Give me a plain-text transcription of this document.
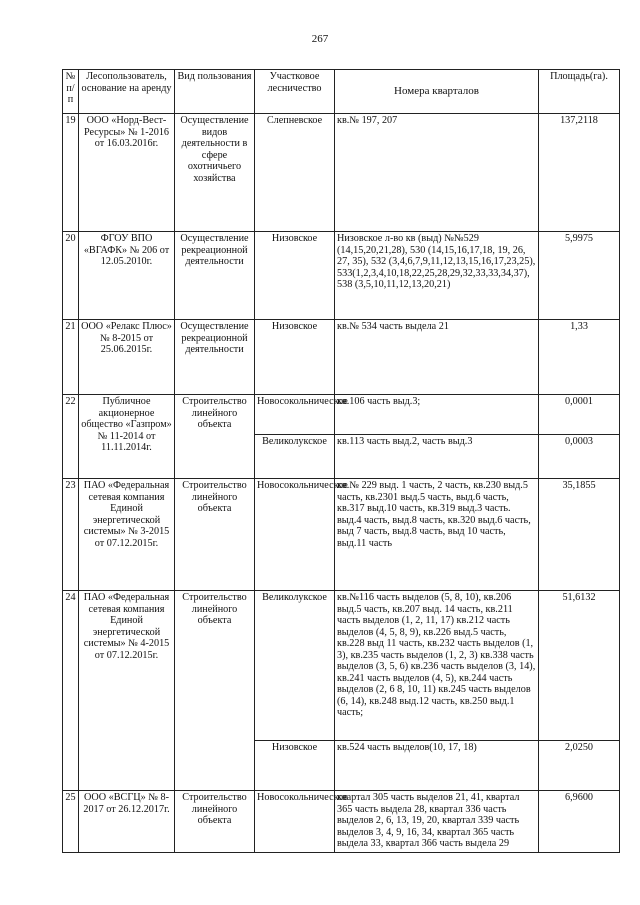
267
№ п/п	Лесопользователь, основание на аренду	Вид пользования	Участковое лесничество	Номера кварталов	Площадь(га).
19	ООО «Норд-Вест-Ресурсы» № 1-2016 от 16.03.2016г.	Осуществление видов деятельности в сфере охотничьего хозяйства	Слепневское	кв.№ 197, 207	137,2118
20	ФГОУ ВПО «ВГАФК» № 206 от 12.05.2010г.	Осуществление рекреационной деятельности	Низовское	Низовское л-во кв (выд) №№529 (14,15,20,21,28), 530 (14,15,16,17,18, 19, 26, 27, 35), 532 (3,4,6,7,9,11,12,13,15,16,17,23,25), 533(1,2,3,4,10,18,22,25,28,29,32,33,33,34,37), 538 (3,5,10,11,12,13,20,21)	5,9975
21	ООО «Релакс Плюс» № 8-2015 от 25.06.2015г.	Осуществление рекреационной деятельности	Низовское	кв.№ 534 часть выдела 21	1,33
22	Публичное акционерное общество «Газпром» № 11-2014 от 11.11.2014г.	Строительство линейного объекта	Новосокольническое	кв.106 часть выд.3;	0,0001
			Великолукское	кв.113 часть выд.2, часть выд.3	0,0003
23	ПАО «Федеральная сетевая компания Единой энергетической системы» № 3-2015 от 07.12.2015г.	Строительство линейного объекта	Новосокольническое	кв.№ 229 выд. 1 часть, 2 часть, кв.230 выд.5 часть, кв.2301 выд.5 часть, выд.6 часть, кв.317 выд.10 часть, кв.319 выд.3 часть. выд.4 часть, выд.8 часть, кв.320 выд.6 часть, выд 7 часть, выд.8 часть, выд 10 часть, выд.11 часть	35,1855
24	ПАО «Федеральная сетевая компания Единой энергетической системы» № 4-2015 от 07.12.2015г.	Строительство линейного объекта	Великолукское	кв.№116 часть выделов (5, 8, 10), кв.206 выд.5 часть, кв.207 выд. 14 часть, кв.211 часть выделов (1, 2, 11, 17) кв.212 часть выделов (4, 5, 8, 9), кв.226 выд.5 часть, кв.228 выд 11 часть, кв.232 часть выделов (1, 3), кв.235 часть выделов (1, 2, 3) кв.338 часть выделов (3, 5, 6) кв.236 часть выделов (3, 14), кв.241 часть выделов (4, 5), кв.244 часть выделов (2, 6 8, 10, 11) кв.245 часть выделов (6, 14), кв.248 выд.12 часть, кв.250 выд.1 часть;	51,6132
			Низовское	кв.524 часть выделов(10, 17, 18)	2,0250
25	ООО «ВСГЦ» № 8-2017 от 26.12.2017г.	Строительство линейного объекта	Новосокольническое	квартал 305 часть выделов 21, 41, квартал 365 часть выдела 28, квартал 336 часть выделов 2, 6, 13, 19, 20, квартал 339 часть выделов 3, 4, 9, 16, 34, квартал 365 часть выдела 33, квартал 366 часть выдела 29	6,9600
